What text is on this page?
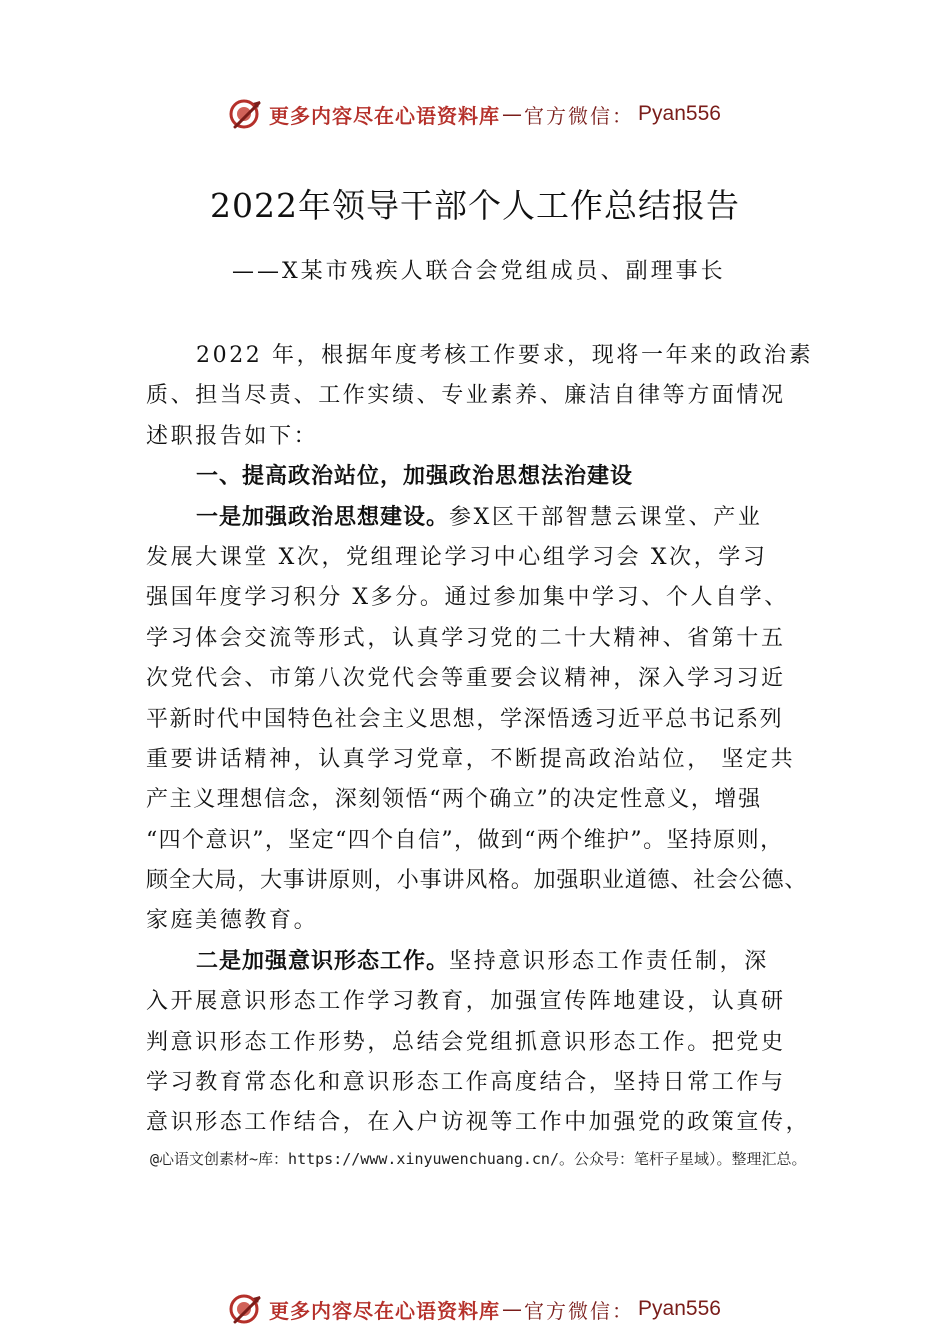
更多内容尽在心语资料库 — 官方微信： Pyan556
2022年领导干部个人工作总结报告
——X某市残疾人联合会党组成员、副理事长
2022 年，根据年度考核工作要求，现将一年来的政治素
质、担当尽责、工作实绩、专业素养、廉洁自律等方面情况
述职报告如下：
一、提高政治站位，加强政治思想法治建设
一是加强政治思想建设。参X区干部智慧云课堂、产业
发展大课堂 X次，党组理论学习中心组学习会 X次，学习
强国年度学习积分 X多分。通过参加集中学习、个人自学、
学习体会交流等形式，认真学习党的二十大精神、省第十五
次党代会、市第八次党代会等重要会议精神，深入学习习近
平新时代中国特色社会主义思想，学深悟透习近平总书记系列
重要讲话精神，认真学习党章，不断提高政治站位， 坚定共
产主义理想信念，深刻领悟“两个确立”的决定性意义，增强
“四个意识”，坚定“四个自信”，做到“两个维护”。坚持原则，
顾全大局，大事讲原则，小事讲风格。加强职业道德、社会公德、
家庭美德教育。
二是加强意识形态工作。坚持意识形态工作责任制，深
入开展意识形态工作学习教育，加强宣传阵地建设，认真研
判意识形态工作形势，总结会党组抓意识形态工作。把党史
学习教育常态化和意识形态工作高度结合，坚持日常工作与
意识形态工作结合，在入户访视等工作中加强党的政策宣传，
@心语文创素材~库：https://www.xinyuwenchuang.cn/。公众号：笔杆子星域）。整理汇总。
更多内容尽在心语资料库 — 官方微信： Pyan556
